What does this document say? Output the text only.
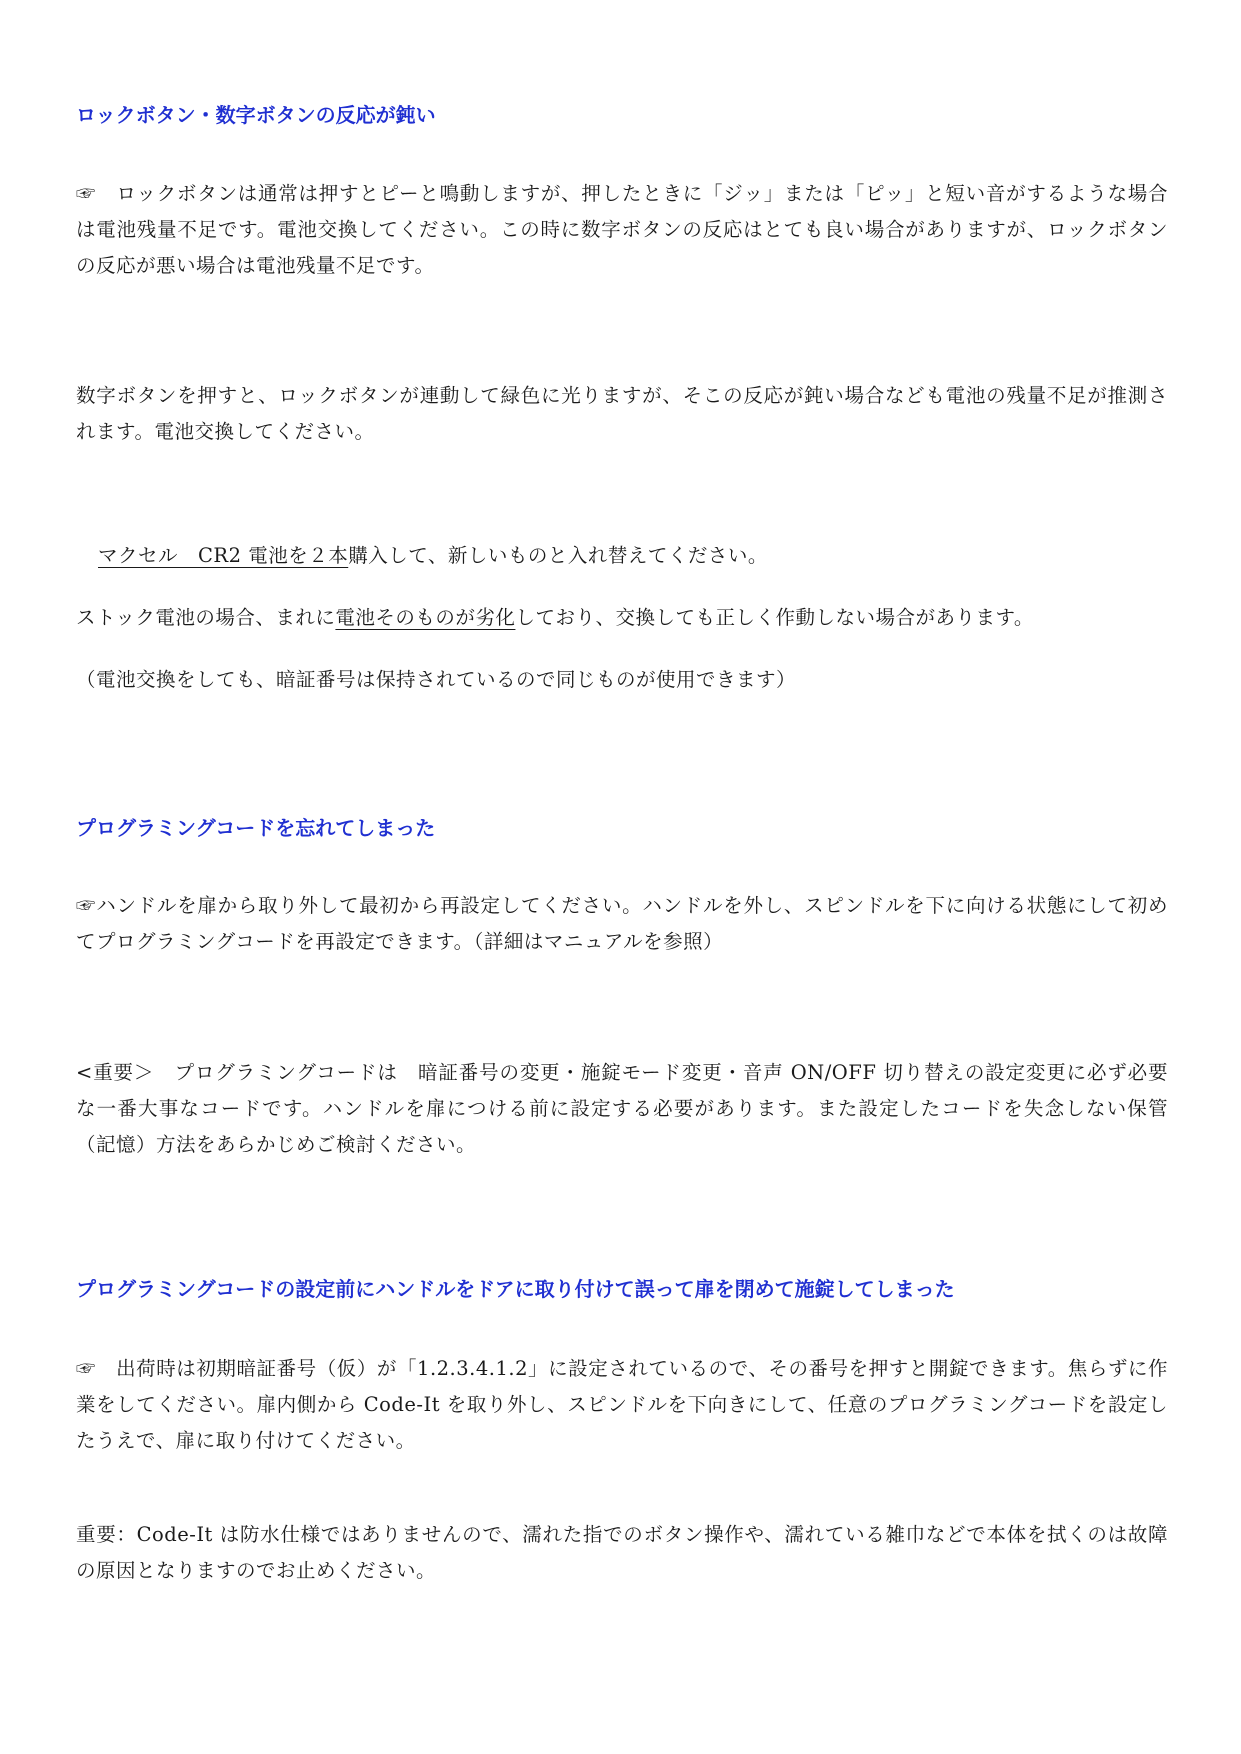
ロックボタン・数字ボタンの反応が鈍い

☞　ロックボタンは通常は押すとピーと鳴動しますが、押したときに「ジッ」または「ピッ」と短い音がするような場合は電池残量不足です。電池交換してください。この時に数字ボタンの反応はとても良い場合がありますが、ロックボタンの反応が悪い場合は電池残量不足です。

数字ボタンを押すと、ロックボタンが連動して緑色に光りますが、そこの反応が鈍い場合なども電池の残量不足が推測されます。電池交換してください。

マクセル　CR2 電池を２本購入して、新しいものと入れ替えてください。

ストック電池の場合、まれに電池そのものが劣化しており、交換しても正しく作動しない場合があります。

（電池交換をしても、暗証番号は保持されているので同じものが使用できます）

プログラミングコードを忘れてしまった

☞ハンドルを扉から取り外して最初から再設定してください。ハンドルを外し、スピンドルを下に向ける状態にして初めてプログラミングコードを再設定できます。（詳細はマニュアルを参照）

<重要＞　プログラミングコードは　暗証番号の変更・施錠モード変更・音声 ON/OFF 切り替えの設定変更に必ず必要な一番大事なコードです。ハンドルを扉につける前に設定する必要があります。また設定したコードを失念しない保管（記憶）方法をあらかじめご検討ください。

プログラミングコードの設定前にハンドルをドアに取り付けて誤って扉を閉めて施錠してしまった

☞　出荷時は初期暗証番号（仮）が「1.2.3.4.1.2」に設定されているので、その番号を押すと開錠できます。焦らずに作業をしてください。扉内側から Code-It を取り外し、スピンドルを下向きにして、任意のプログラミングコードを設定したうえで、扉に取り付けてください。

重要：Code-It は防水仕様ではありませんので、濡れた指でのボタン操作や、濡れている雑巾などで本体を拭くのは故障の原因となりますのでお止めください。
